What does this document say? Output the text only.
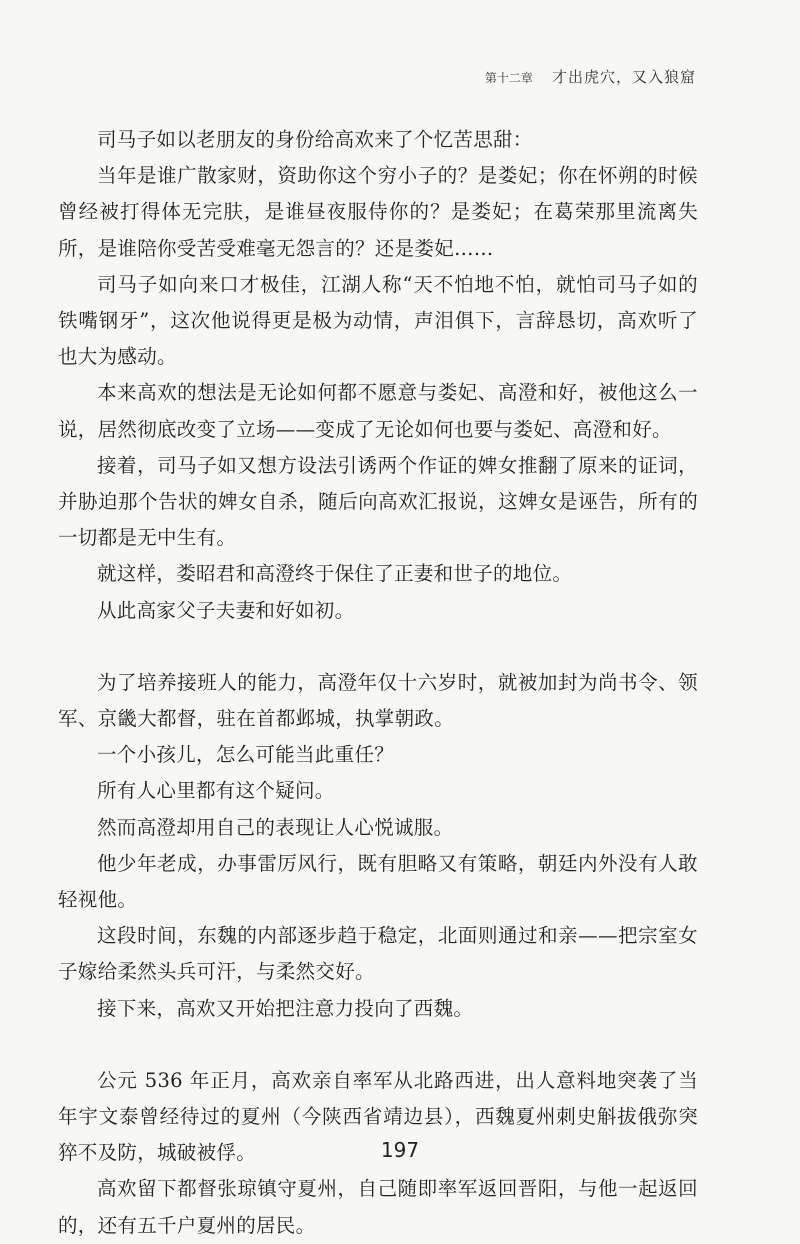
第十二章 才出虎穴，又入狼窟

司马子如以老朋友的身份给高欢来了个忆苦思甜：

当年是谁广散家财，资助你这个穷小子的？是娄妃；你在怀朔的时候曾经被打得体无完肤，是谁昼夜服侍你的？是娄妃；在葛荣那里流离失所，是谁陪你受苦受难毫无怨言的？还是娄妃……

司马子如向来口才极佳，江湖人称“天不怕地不怕，就怕司马子如的铁嘴钢牙”，这次他说得更是极为动情，声泪俱下，言辞恳切，高欢听了也大为感动。

本来高欢的想法是无论如何都不愿意与娄妃、高澄和好，被他这么一说，居然彻底改变了立场——变成了无论如何也要与娄妃、高澄和好。

接着，司马子如又想方设法引诱两个作证的婢女推翻了原来的证词，并胁迫那个告状的婢女自杀，随后向高欢汇报说，这婢女是诬告，所有的一切都是无中生有。

就这样，娄昭君和高澄终于保住了正妻和世子的地位。

从此高家父子夫妻和好如初。

为了培养接班人的能力，高澄年仅十六岁时，就被加封为尚书令、领军、京畿大都督，驻在首都邺城，执掌朝政。

一个小孩儿，怎么可能当此重任？

所有人心里都有这个疑问。

然而高澄却用自己的表现让人心悦诚服。

他少年老成，办事雷厉风行，既有胆略又有策略，朝廷内外没有人敢轻视他。

这段时间，东魏的内部逐步趋于稳定，北面则通过和亲——把宗室女子嫁给柔然头兵可汗，与柔然交好。

接下来，高欢又开始把注意力投向了西魏。

公元 536 年正月，高欢亲自率军从北路西进，出人意料地突袭了当年宇文泰曾经待过的夏州（今陕西省靖边县），西魏夏州刺史斛拔俄弥突猝不及防，城破被俘。

高欢留下都督张琼镇守夏州，自己随即率军返回晋阳，与他一起返回的，还有五千户夏州的居民。

197
